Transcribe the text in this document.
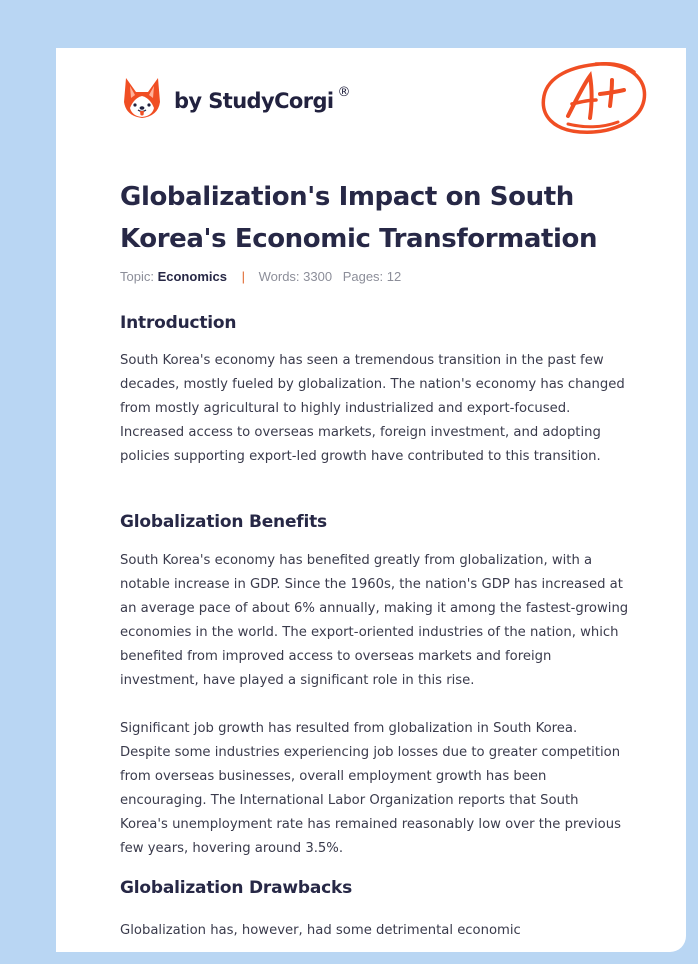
by StudyCorgi ®
Globalization's Impact on South Korea's Economic Transformation
Topic: Economics | Words: 3300 Pages: 12
Introduction

South Korea's economy has seen a tremendous transition in the past few decades, mostly fueled by globalization. The nation's economy has changed from mostly agricultural to highly industrialized and export-focused. Increased access to overseas markets, foreign investment, and adopting policies supporting export-led growth have contributed to this transition.

Globalization Benefits

South Korea's economy has benefited greatly from globalization, with a notable increase in GDP. Since the 1960s, the nation's GDP has increased at an average pace of about 6% annually, making it among the fastest-growing economies in the world. The export-oriented industries of the nation, which benefited from improved access to overseas markets and foreign investment, have played a significant role in this rise.

Significant job growth has resulted from globalization in South Korea. Despite some industries experiencing job losses due to greater competition from overseas businesses, overall employment growth has been encouraging. The International Labor Organization reports that South Korea's unemployment rate has remained reasonably low over the previous few years, hovering around 3.5%.

Globalization Drawbacks

Globalization has, however, had some detrimental economic
